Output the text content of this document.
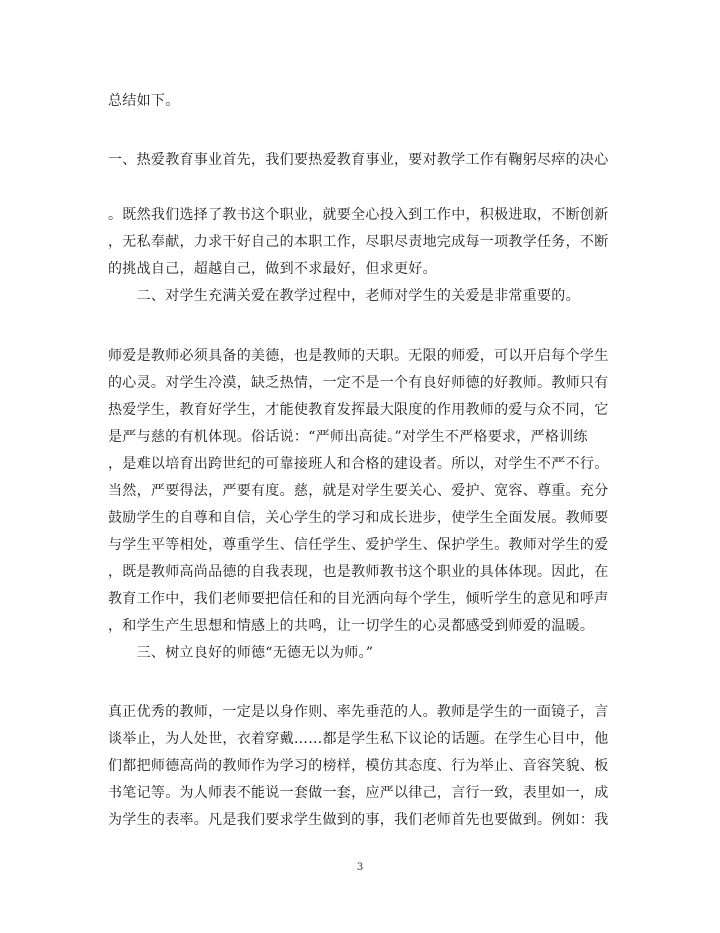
总结如下。
一、热爱教育事业首先，我们要热爱教育事业，要对教学工作有鞠躬尽瘁的决心
。既然我们选择了教书这个职业，就要全心投入到工作中，积极进取，不断创新
，无私奉献，力求干好自己的本职工作，尽职尽责地完成每一项教学任务，不断
的挑战自己，超越自己，做到不求最好，但求更好。
　　二、对学生充满关爱在教学过程中，老师对学生的关爱是非常重要的。
师爱是教师必须具备的美德，也是教师的天职。无限的师爱，可以开启每个学生
的心灵。对学生冷漠，缺乏热情，一定不是一个有良好师德的好教师。教师只有
热爱学生，教育好学生，才能使教育发挥最大限度的作用教师的爱与众不同，它
是严与慈的有机体现。俗话说：“严师出高徒。”对学生不严格要求，严格训练
，是难以培育出跨世纪的可靠接班人和合格的建设者。所以，对学生不严不行。
当然，严要得法，严要有度。慈，就是对学生要关心、爱护、宽容、尊重。充分
鼓励学生的自尊和自信，关心学生的学习和成长进步，使学生全面发展。教师要
与学生平等相处，尊重学生、信任学生、爱护学生、保护学生。教师对学生的爱
，既是教师高尚品德的自我表现，也是教师教书这个职业的具体体现。因此，在
教育工作中，我们老师要把信任和的目光洒向每个学生，倾听学生的意见和呼声
，和学生产生思想和情感上的共鸣，让一切学生的心灵都感受到师爱的温暖。
　　三、树立良好的师德“无德无以为师。”
真正优秀的教师，一定是以身作则、率先垂范的人。教师是学生的一面镜子，言
谈举止，为人处世，衣着穿戴……都是学生私下议论的话题。在学生心目中，他
们都把师德高尚的教师作为学习的榜样，模仿其态度、行为举止、音容笑貌、板
书笔记等。为人师表不能说一套做一套，应严以律己，言行一致，表里如一，成
为学生的表率。凡是我们要求学生做到的事，我们老师首先也要做到。例如：我
3
